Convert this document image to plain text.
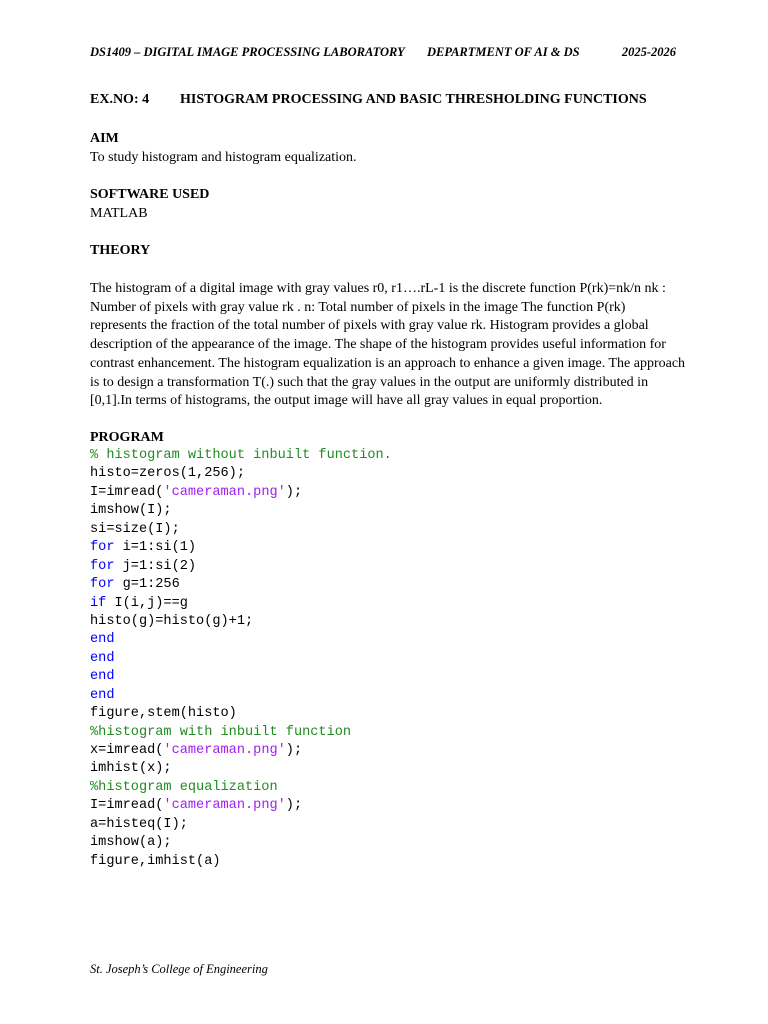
DS1409 – DIGITAL IMAGE PROCESSING LABORATORY DEPARTMENT OF AI & DS	2025-2026
EX.NO: 4 HISTOGRAM PROCESSING AND BASIC THRESHOLDING FUNCTIONS
AIM
To study histogram and histogram equalization.
SOFTWARE USED
MATLAB
THEORY
The histogram of a digital image with gray values r0, r1….rL-1 is the discrete function P(rk)=nk/n nk :
Number of pixels with gray value rk . n: Total number of pixels in the image The function P(rk)
represents the fraction of the total number of pixels with gray value rk. Histogram provides a global
description of the appearance of the image. The shape of the histogram provides useful information for
contrast enhancement. The histogram equalization is an approach to enhance a given image. The approach
is to design a transformation T(.) such that the gray values in the output are uniformly distributed in
[0,1].In terms of histograms, the output image will have all gray values in equal proportion.
PROGRAM
% histogram without inbuilt function.
histo=zeros(1,256);
I=imread('cameraman.png');
imshow(I);
si=size(I);
for i=1:si(1)
for j=1:si(2)
for g=1:256
if I(i,j)==g
histo(g)=histo(g)+1;
end
end
end
end
figure,stem(histo)
%histogram with inbuilt function
x=imread('cameraman.png');
imhist(x);
%histogram equalization
I=imread('cameraman.png');
a=histeq(I);
imshow(a);
figure,imhist(a)
St. Joseph’s College of Engineering
